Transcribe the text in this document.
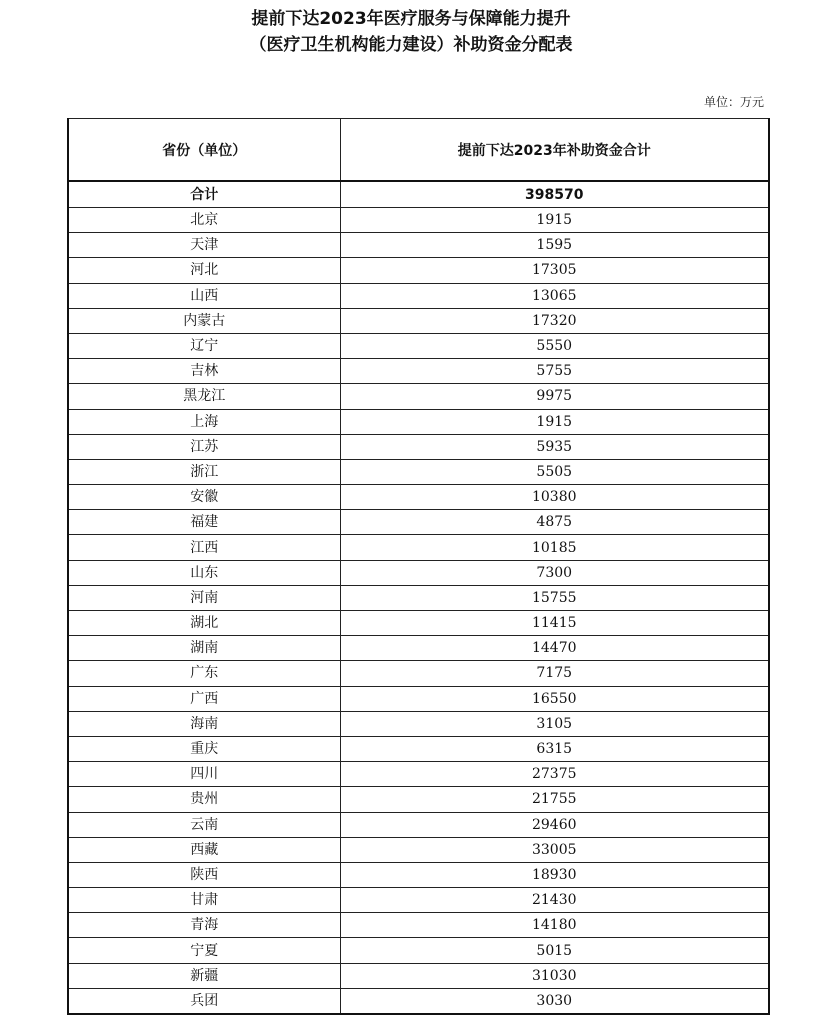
提前下达2023年医疗服务与保障能力提升
（医疗卫生机构能力建设）补助资金分配表
单位：万元
省份（单位）	提前下达2023年补助资金合计
合计	398570
北京	1915
天津	1595
河北	17305
山西	13065
内蒙古	17320
辽宁	5550
吉林	5755
黑龙江	9975
上海	1915
江苏	5935
浙江	5505
安徽	10380
福建	4875
江西	10185
山东	7300
河南	15755
湖北	11415
湖南	14470
广东	7175
广西	16550
海南	3105
重庆	6315
四川	27375
贵州	21755
云南	29460
西藏	33005
陕西	18930
甘肃	21430
青海	14180
宁夏	5015
新疆	31030
兵团	3030
